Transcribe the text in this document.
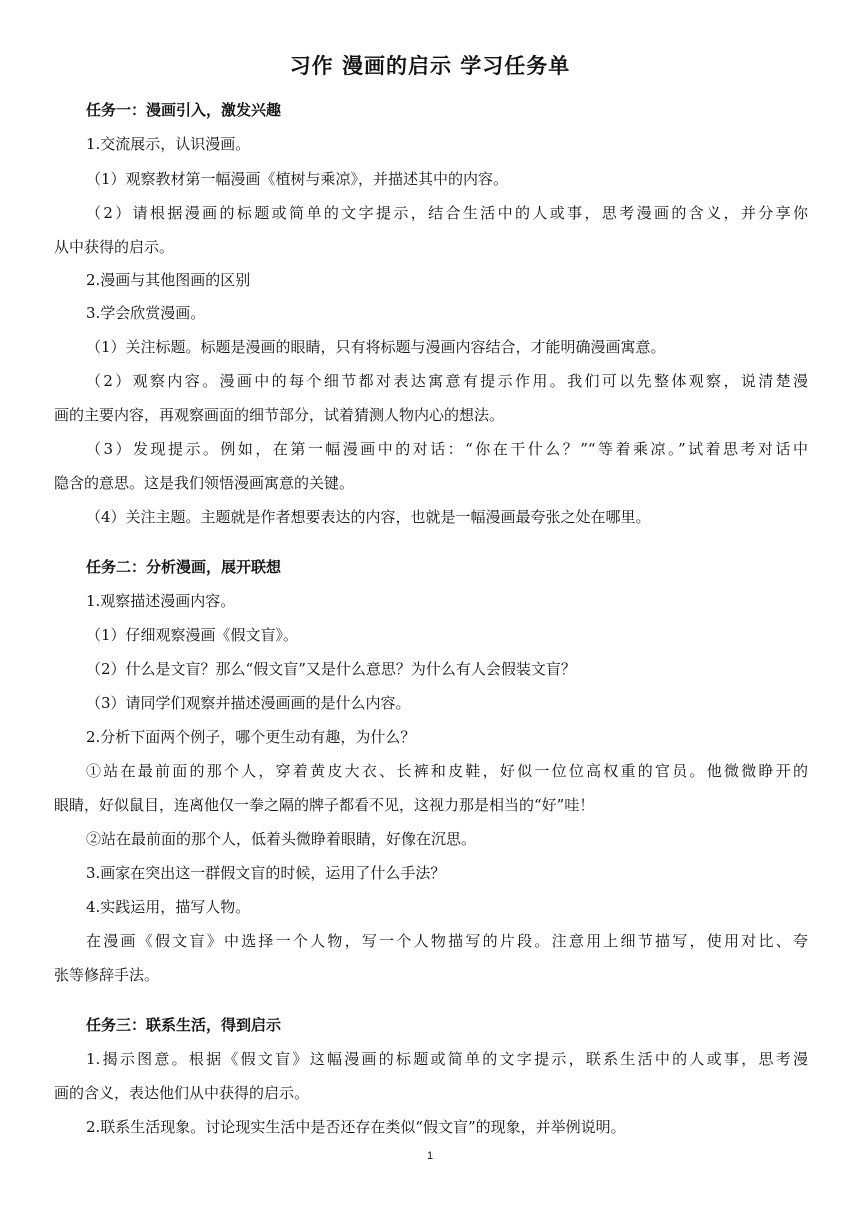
习作 漫画的启示 学习任务单
任务一：漫画引入，激发兴趣
1.交流展示，认识漫画。
（1）观察教材第一幅漫画《植树与乘凉》，并描述其中的内容。
（2）请根据漫画的标题或简单的文字提示，结合生活中的人或事，思考漫画的含义，并分享你
从中获得的启示。
2.漫画与其他图画的区别
3.学会欣赏漫画。
（1）关注标题。标题是漫画的眼睛，只有将标题与漫画内容结合，才能明确漫画寓意。
（2）观察内容。漫画中的每个细节都对表达寓意有提示作用。我们可以先整体观察，说清楚漫
画的主要内容，再观察画面的细节部分，试着猜测人物内心的想法。
（3）发现提示。例如，在第一幅漫画中的对话：“你在干什么？”“等着乘凉。”试着思考对话中
隐含的意思。这是我们领悟漫画寓意的关键。
（4）关注主题。主题就是作者想要表达的内容，也就是一幅漫画最夸张之处在哪里。
任务二：分析漫画，展开联想
1.观察描述漫画内容。
（1）仔细观察漫画《假文盲》。
（2）什么是文盲？那么“假文盲”又是什么意思？为什么有人会假装文盲？
（3）请同学们观察并描述漫画画的是什么内容。
2.分析下面两个例子，哪个更生动有趣，为什么？
①站在最前面的那个人，穿着黄皮大衣、长裤和皮鞋，好似一位位高权重的官员。他微微睁开的
眼睛，好似鼠目，连离他仅一拳之隔的牌子都看不见，这视力那是相当的“好”哇！
②站在最前面的那个人，低着头微睁着眼睛，好像在沉思。
3.画家在突出这一群假文盲的时候，运用了什么手法？
4.实践运用，描写人物。
在漫画《假文盲》中选择一个人物，写一个人物描写的片段。注意用上细节描写，使用对比、夸
张等修辞手法。
任务三：联系生活，得到启示
1.揭示图意。根据《假文盲》这幅漫画的标题或简单的文字提示，联系生活中的人或事，思考漫
画的含义，表达他们从中获得的启示。
2.联系生活现象。讨论现实生活中是否还存在类似“假文盲”的现象，并举例说明。
1
